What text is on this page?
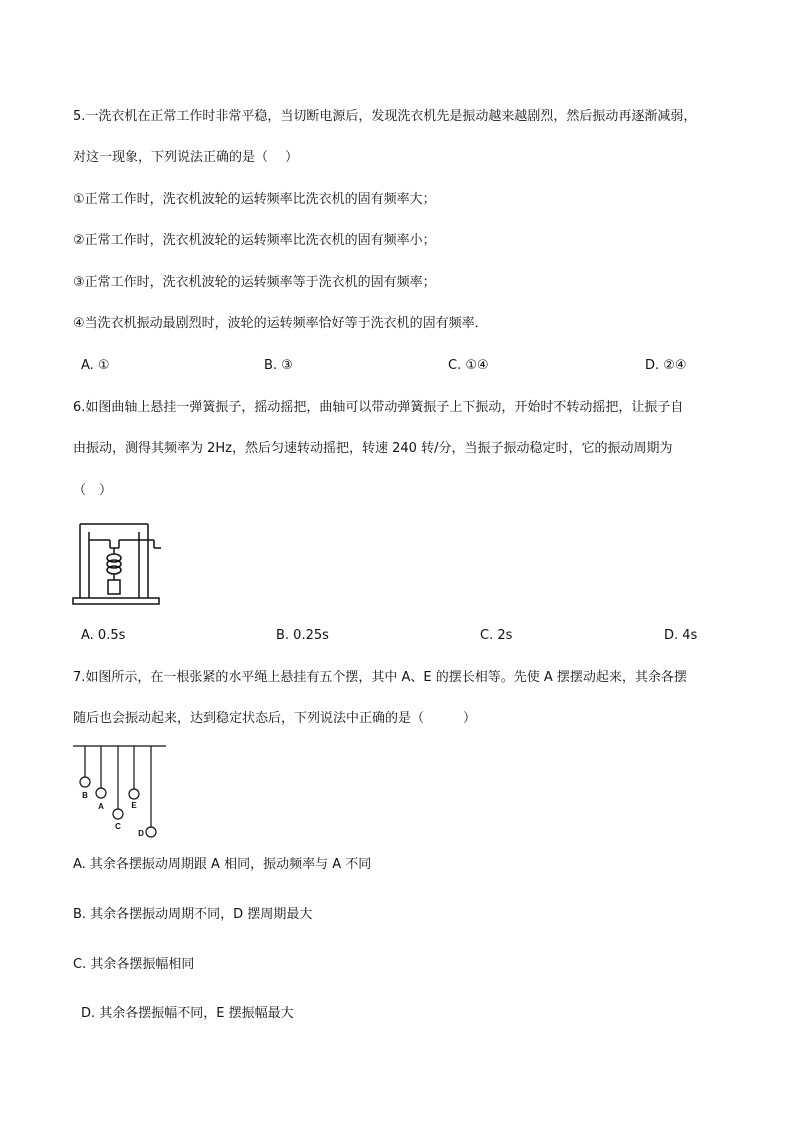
5.一洗衣机在正常工作时非常平稳，当切断电源后，发现洗衣机先是振动越来越剧烈，然后振动再逐渐减弱，
对这一现象，下列说法正确的是（　 ）
①正常工作时，洗衣机波轮的运转频率比洗衣机的固有频率大；
②正常工作时，洗衣机波轮的运转频率比洗衣机的固有频率小；
③正常工作时，洗衣机波轮的运转频率等于洗衣机的固有频率；
④当洗衣机振动最剧烈时，波轮的运转频率恰好等于洗衣机的固有频率．
A. ①	B. ③	C. ①④	D. ②④
6.如图曲轴上悬挂一弹簧振子，摇动摇把，曲轴可以带动弹簧振子上下振动，开始时不转动摇把，让振子自
由振动，测得其频率为 2Hz，然后匀速转动摇把，转速 240 转/分，当振子振动稳定时，它的振动周期为
（　）
A. 0.5s	B. 0.25s	C. 2s	D. 4s
7.如图所示，在一根张紧的水平绳上悬挂有五个摆，其中 A、E 的摆长相等。先使 A 摆摆动起来，其余各摆
随后也会振动起来，达到稳定状态后，下列说法中正确的是（　　　）
B
A
C
E
D
A. 其余各摆振动周期跟 A 相同，振动频率与 A 不同
B. 其余各摆振动周期不同，D 摆周期最大
C. 其余各摆振幅相同
D. 其余各摆振幅不同，E 摆振幅最大
